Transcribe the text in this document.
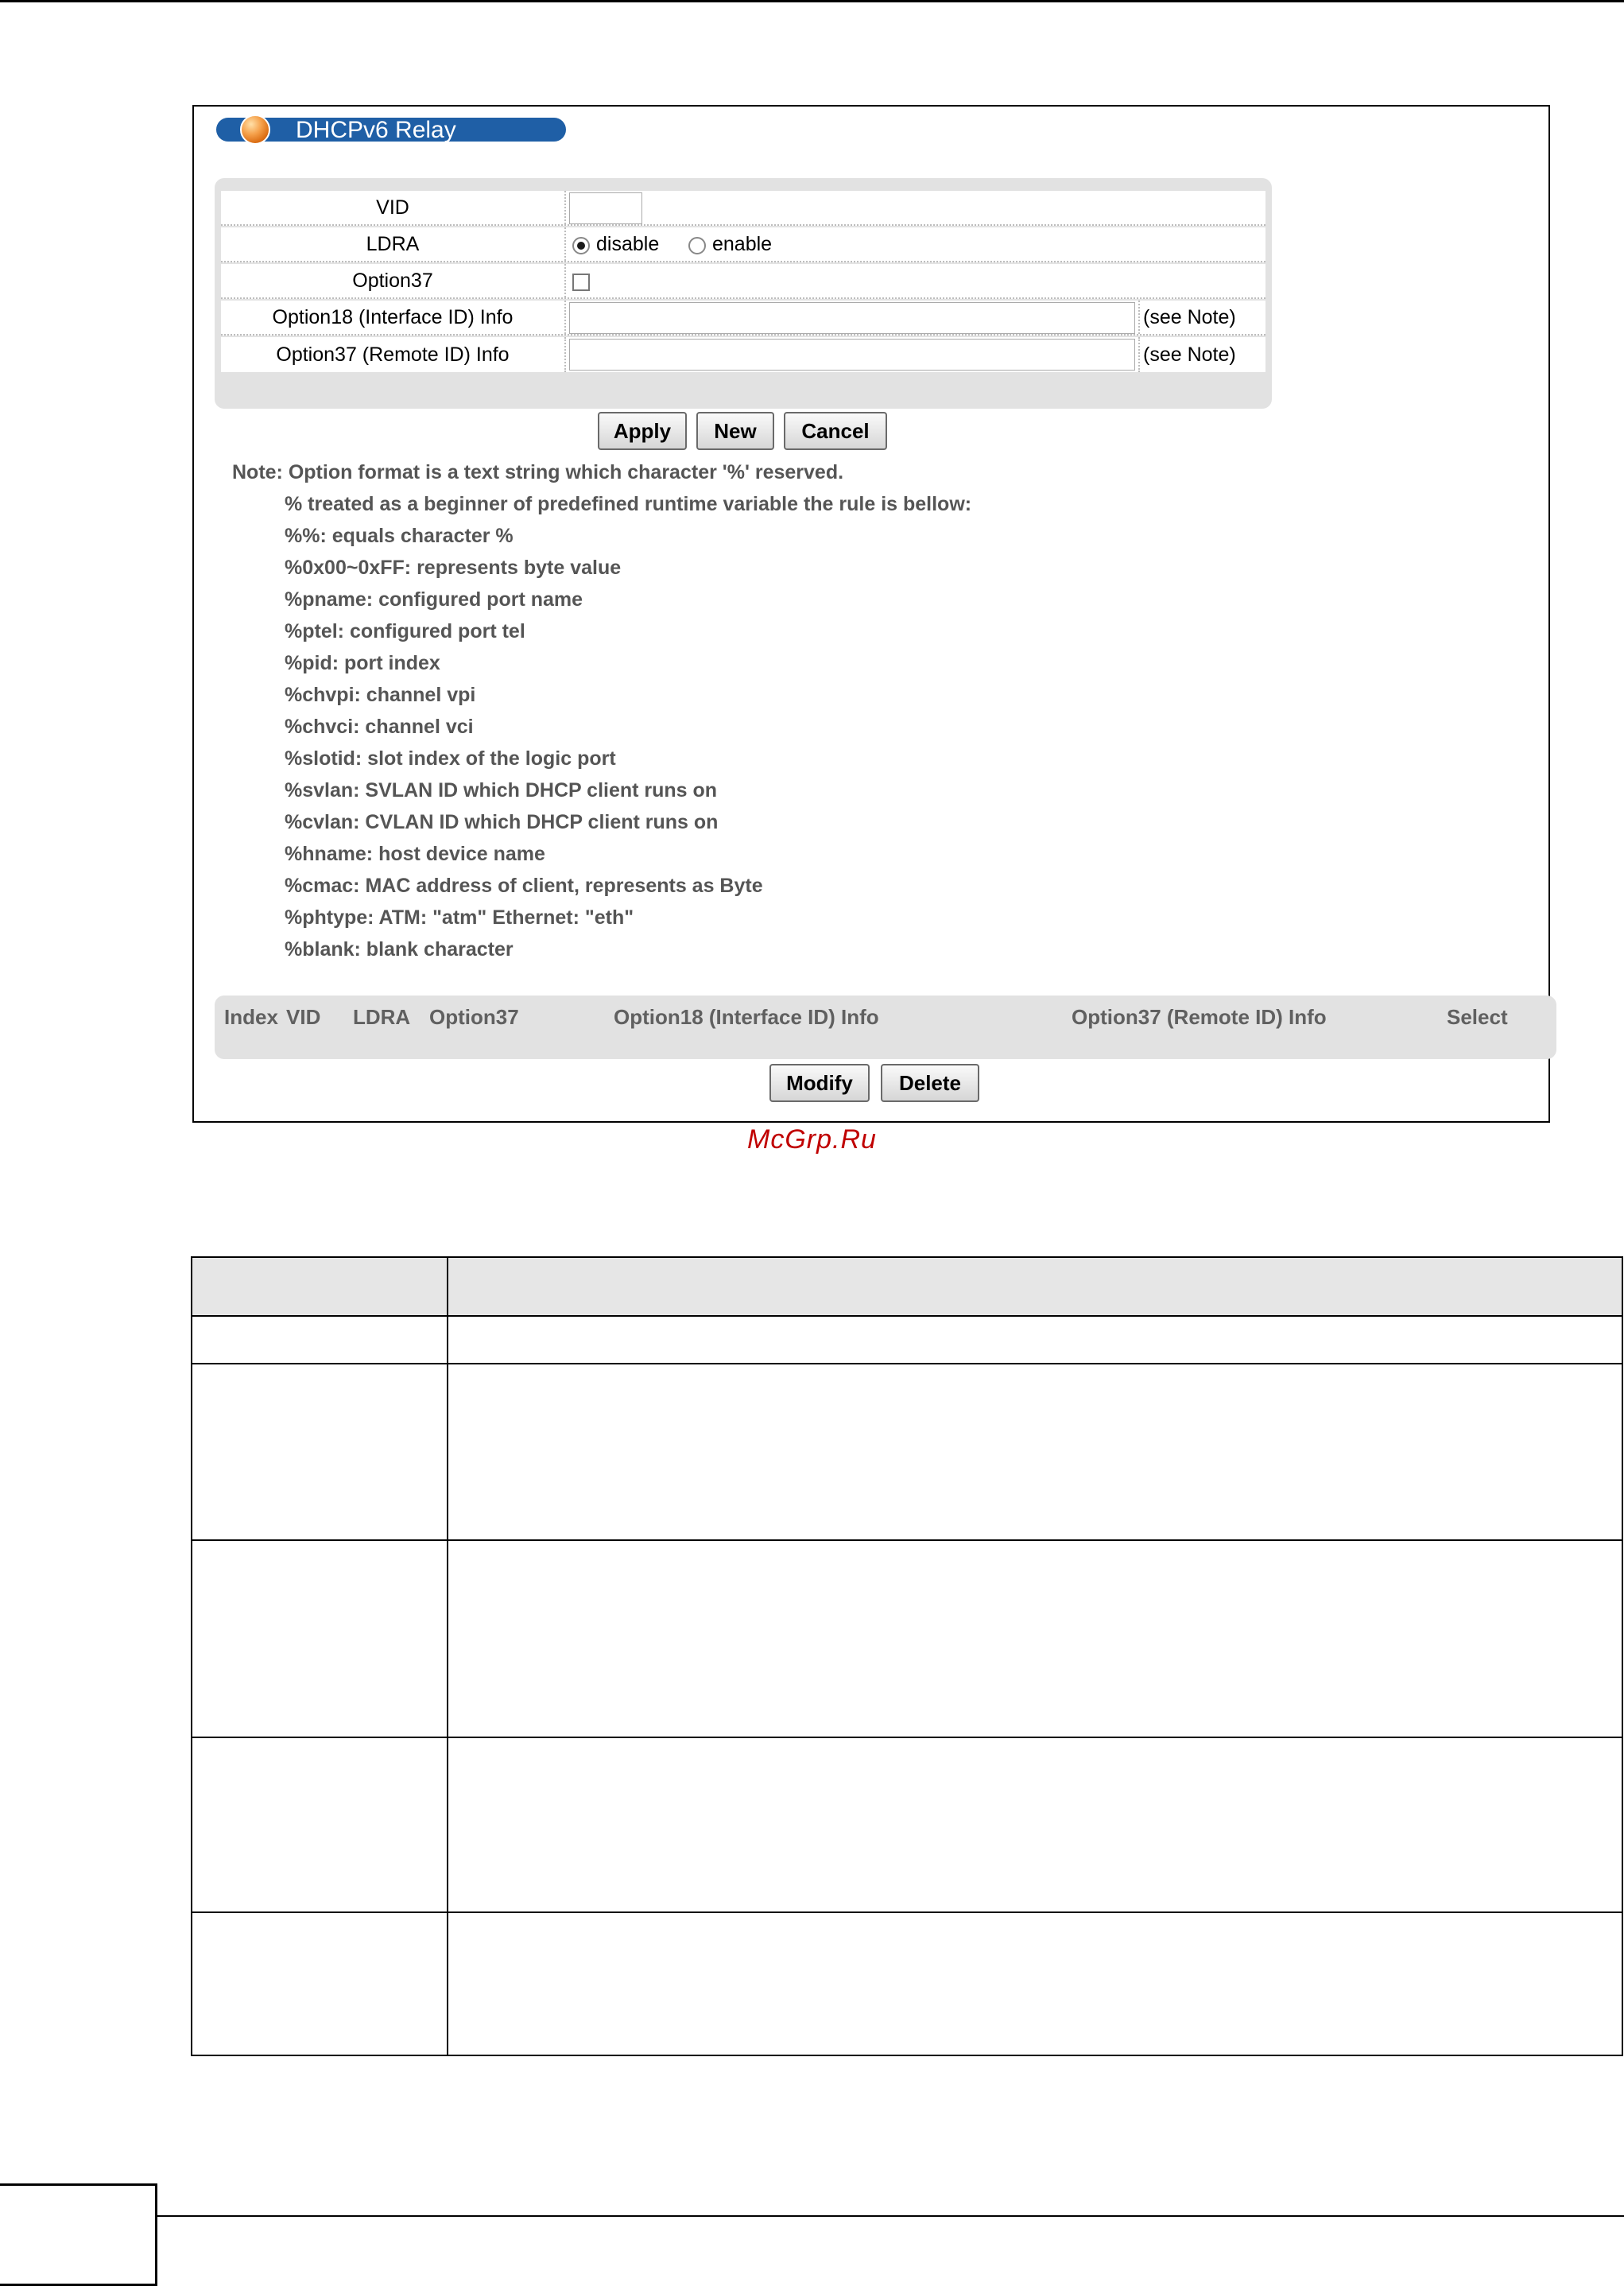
DHCPv6 Relay
VID
LDRA	disable	enable
Option37
Option18 (Interface ID) Info	(see Note)
Option37 (Remote ID) Info	(see Note)
Apply	New	Cancel
Note: Option format is a text string which character '%' reserved.
% treated as a beginner of predefined runtime variable the rule is bellow:
%%: equals character %
%0x00~0xFF: represents byte value
%pname: configured port name
%ptel: configured port tel
%pid: port index
%chvpi: channel vpi
%chvci: channel vci
%slotid: slot index of the logic port
%svlan: SVLAN ID which DHCP client runs on
%cvlan: CVLAN ID which DHCP client runs on
%hname: host device name
%cmac: MAC address of client, represents as Byte
%phtype: ATM: "atm" Ethernet: "eth"
%blank: blank character
Index VID LDRA Option37	Option18 (Interface ID) Info	Option37 (Remote ID) Info	Select
Modify	Delete
McGrp.Ru
